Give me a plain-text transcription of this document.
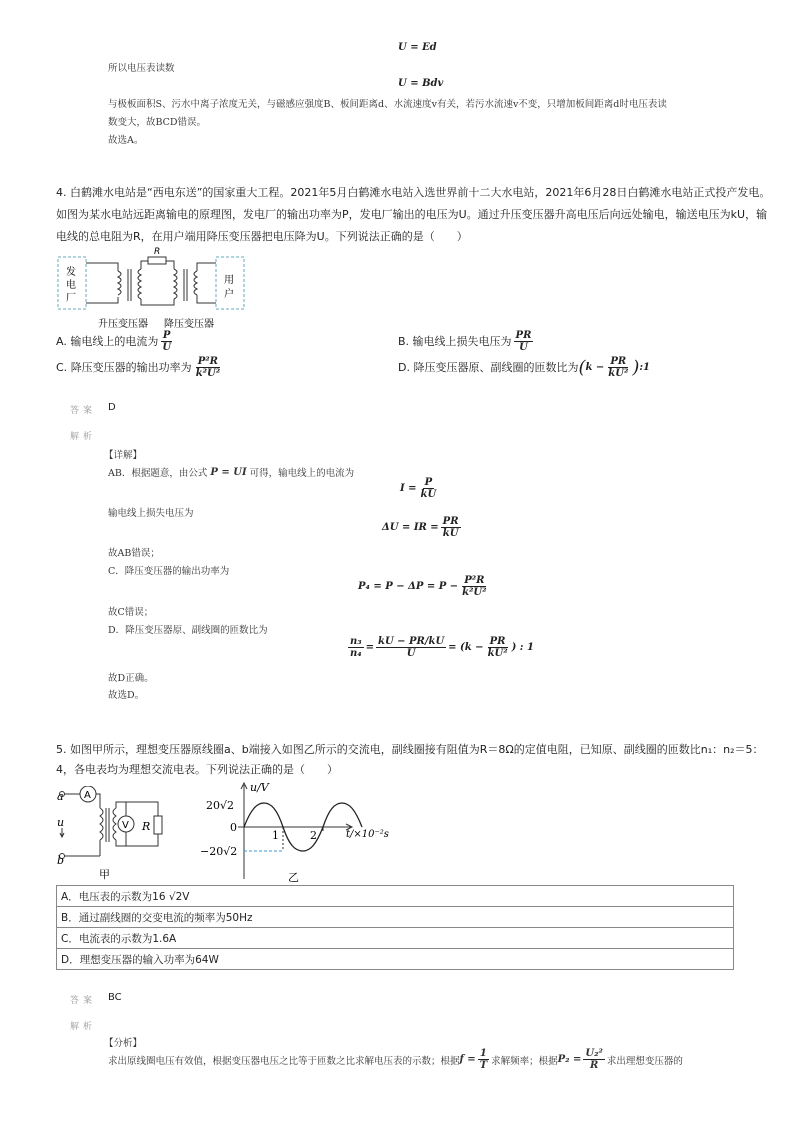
U = Ed
所以电压表读数
U = Bdv
与极板面积S、污水中离子浓度无关，与磁感应强度B、板间距离d、水流速度v有关，若污水流速v不变，只增加板间距离d时电压表读
数变大，故BCD错误。
故选A。
4. 白鹤滩水电站是“西电东送”的国家重大工程。2021年5月白鹤滩水电站入选世界前十二大水电站，2021年6月28日白鹤滩水电站正式投产发电。
如图为某水电站远距离输电的原理图，发电厂的输出功率为P，发电厂输出的电压为U。通过升压变压器升高电压后向远处输电，输送电压为kU，输
电线的总电阻为R，在用户端用降压变压器把电压降为U。下列说法正确的是（　　）
发
电
厂
用
户
R
升压变压器 降压变压器
A.
输电线上的电流为 $\frac{P}{U}$	B.
输电线上损失电压为 $\frac{PR}{U}$
C.
降压变压器的输出功率为 $\frac{\text{P²R}}{\text{k²U²}}$	D.
降压变压器原、副线圈的匝数比为 ( $k - \frac{PR}{\text{kU²}}$ ) :1
答案 D
解析
【详解】
AB．根据题意，由公式
P = UI
可得，输电线上的电流为
$I = \frac{P}{kU}$
输电线上损失电压为
ΔU = IR = $\frac{PR}{kU}$
故AB错误；
C．降压变压器的输出功率为
$P_4 = P - \Delta P = P - \frac{\text{P²R}}{\text{k²U²}}$
故C错误；
D．降压变压器原、副线圈的匝数比为
$\frac{\text{n₃}}{\text{n₄}} = \frac{kU - PR/kU}{U} = (k - \frac{PR}{\text{kU²}}$ ) : 1
故D正确。
故选D。
5. 如图甲所示，理想变压器原线圈a、b端接入如图乙所示的交流电，副线圈接有阻值为R＝8Ω的定值电阻，已知原、副线圈的匝数比n₁：n₂＝5：
4，各电表均为理想交流电表。下列说法正确的是（　　）
a
u
b
A
V R
甲
u/V
20√2
0
−20√2
1	2	t/×10⁻²s
乙
A．电压表的示数为16 √2V
B．通过副线圈的交变电流的频率为50Hz
C．电流表的示数为1.6A
D．理想变压器的输入功率为64W
答案 BC
解析
【分析】
求出原线圈电压有效值，根据变压器电压之比等于匝数之比求解电压表的示数；根据 $f = \frac{1}{T}$ 求解频率；根据 $P_2 = \frac{\text{U₂²}}{R}$ 求出理想变压器的
